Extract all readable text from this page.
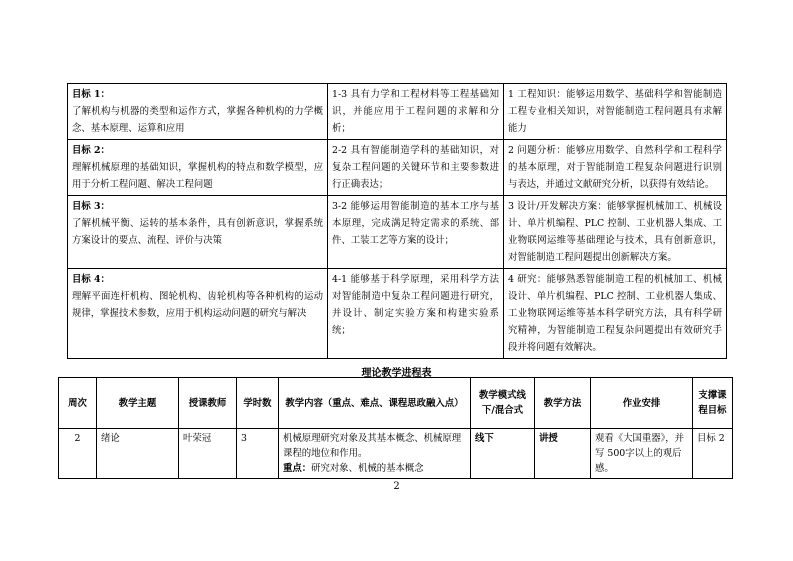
目标 1：
了解机构与机器的类型和运作方式，掌握各种机构的力学概念、基本原理、运算和应用	1-3 具有力学和工程材料等工程基础知识，并能应用于工程问题的求解和分析；	1 工程知识：能够运用数学、基础科学和智能制造工程专业相关知识，对智能制造工程问题具有求解能力

目标 2：
理解机械原理的基础知识，掌握机构的特点和数学模型，应用于分析工程问题、解决工程问题	2-2 具有智能制造学科的基础知识，对复杂工程问题的关键环节和主要参数进行正确表达；	2 问题分析：能够应用数学、自然科学和工程科学的基本原理，对于智能制造工程复杂问题进行识别与表达，并通过文献研究分析，以获得有效结论。

目标 3：
了解机械平衡、运转的基本条件，具有创新意识，掌握系统方案设计的要点、流程、评价与决策	3-2 能够运用智能制造的基本工序与基本原理，完成满足特定需求的系统、部件、工装工艺等方案的设计；	3 设计/开发解决方案：能够掌握机械加工、机械设计、单片机编程、PLC 控制、工业机器人集成、工业物联网运维等基础理论与技术，具有创新意识，对智能制造工程问题提出创新解决方案。

目标 4：
理解平面连杆机构、图轮机构、齿轮机构等各种机构的运动规律，掌握技术参数，应用于机构运动问题的研究与解决	4-1 能够基于科学原理，采用科学方法对智能制造中复杂工程问题进行研究，并设计、制定实验方案和构建实验系统；	4 研究：能够熟悉智能制造工程的机械加工、机械设计、单片机编程、PLC 控制、工业机器人集成、工业物联网运维等基本科学研究方法，具有科学研究精神，为智能制造工程复杂问题提出有效研究手段并将问题有效解决。
理论教学进程表
周次	教学主题	授课教师	学时数	教学内容（重点、难点、课程思政融入点）	教学模式线下/混合式	教学方法	作业安排	支撑课程目标
2	绪论	叶荣冠	3	机械原理研究对象及其基本概念、机械原理课程的地位和作用。
重点：研究对象、机械的基本概念	线下	讲授	观看《大国重器》，并写 500字以上的观后感。	目标 2
2
